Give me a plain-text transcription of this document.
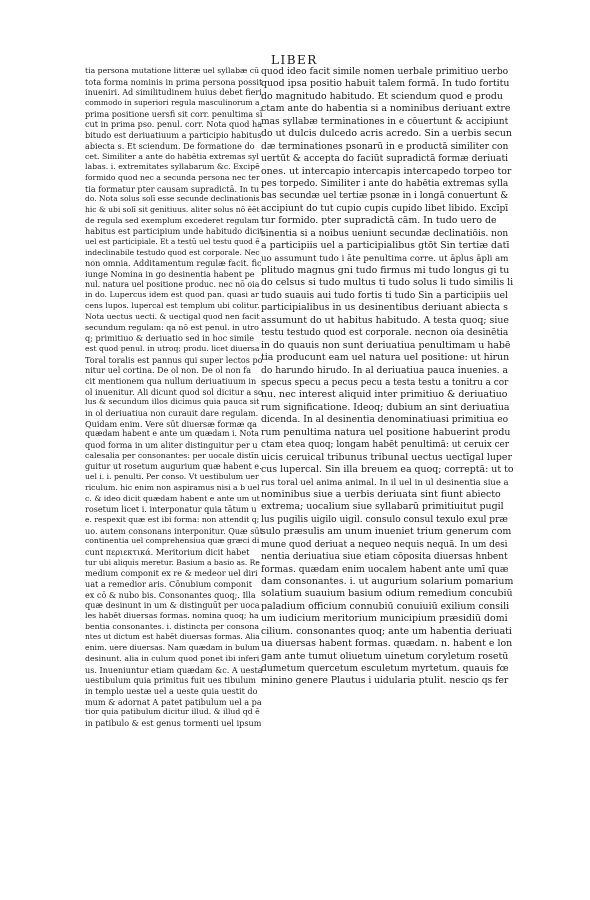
LIBER
tia persona mutatione litteræ uel syllabæ cū
tota forma nominis in prima persona possit
inueniri. Ad similitudinem huius debet fieri
commodo in superiori regula masculinorum a
prima positione uersfi sit corr. penultima sī
cut in prima pso. penul. corr. Nota quod ha
bitudo est deriuatiuum a participio habitus
abiecta s. Et sciendum. De formatione do
cet. Similiter a ante do habētia extremas syl
labas. i. extremitates syllabarum &c. Excipē
formido quod nec a secunda persona nec ter
tia formatur pter causam supradictā. In tu
do. Nota solus solī esse secunde declinationis
hic & ubi solī sit genitiuus. aliter solus nō ēēt
de regula sed exemplum excederet regulam
habitus est participium unde habitudo dicit
uel est participiale. Et a testū uel testu quod ē
indeclinabile testudo quod est corporale. Nec
non omnia. Additamentum regulæ facit. fic
iunge Nomina in go desinentia habent pe
nul. natura uel positione produc. nec nō oia
in do. Lupercus idem est quod pan. quasi ar
cens lupos. lupercal est templum ubi colitur.
Nota uectus uecti. & uectigal quod nen facit
secundum regulam: qa nō est penul. in utro
q; primitiuo & deriuatio sed in hoc simile
est quod penul. in utroq; produ. licet diuersa
Toral toralis est pannus qui super lectos po
nitur uel cortina. De ol non. De ol non fa
cit mentionem qua nullum deriuatiuum in
ol inuenitur. Ali dicunt quod sol dicitur a so
lus & secundum illos dicimus quia pauca sit
in ol deriuatiua non curauit dare regulam.
Quidam enim. Vere sūt diuersæ formæ qa
quædam habent e ante um quædam i. Nota
quod forma in um aliter distinguitur per u
calesalia per consonantes: per uocale distīn
guitur ut rosetum augurium quæ habent e.
uel i. i. penulti. Per conso. Vt uestibulum uer
riculum. hic enim non aspiramus nisi a b uel
c. & ideo dicit quædam habent e ante um ut
rosetum licet i. interponatur quia tātum u
e. respexit quæ est ibi forma: non attendit q;
uo. autem consonans interponitur. Quæ sūt
continentia uel comprehensiua quæ græci di
cunt περιεκτικά. Meritorium dicit habet
tur ubi aliquis meretur. Basium a basio as. Re
medium componit ex re & medeor uel diri
uat a remedior aris. Cōnubium componit
ex cō & nubo bis. Consonantes quoq;. Illa
quæ desinunt in um & distinguūt per uoca
les habēt diuersas formas. nomina quoq; ha
bentia consonantes. i. distincta per consona
ntes ut dictum est habēt diuersas formas. Alia
enim. uere diuersas. Nam quædam in bulum
desinunt. alia in culum quod ponet ibi inferi
us. Inueniuntur etiam quædam &c. A uesta
uestibulum quia primitus fuit ues tibulum
in templo uestæ uel a ueste quia uestit do
mum & adornat A patet patibulum uel a pa
tior quia patibulum dicitur illud. & illud qd ē
in patibulo & est genus tormenti uel ipsum
quod ideo facit simile nomen uerbale primitiuo uerbo
quod ipsa positio habuit talem formā. In tudo fortitu
do magnitudo habitudo. Et sciendum quod e produ
ctam ante do habentia si a nominibus deriuant extre
mas syllabæ terminationes in e cōuertunt & accipiunt
do ut dulcis dulcedo acris acredo. Sin a uerbis secun
dæ terminationes psonarū in e productā similiter con
uertūt & accepta do faciūt supradictā formæ deriuati
ones. ut intercapio intercapis intercapedo torpeo tor
pes torpedo. Similiter i ante do habētia extremas sylla
bas secundæ uel tertiæ psonæ in i longā conuertunt &
accipiunt do tut cupio cupis cupido libet libido. Excīpī
tur formido. pter supradictā cām. In tudo uero de
sinentia si a noibus ueniunt secundæ declinatiōis. non
a participiis uel a participialibus gtōt Sin tertiæ datī
uo assumunt tudo i āte penultima corre. ut āplus āpli am
plitudo magnus gni tudo firmus mi tudo longus gi tu
do celsus si tudo multus ti tudo solus li tudo similis li
tudo suauis aui tudo fortis ti tudo Sin a participiis uel
participialibus in us desinentibus deriuant abiecta s
assumunt do ut habitus habitudo. A testa quoq; siue
testu testudo quod est corporale. necnon oia desinētia
in do quauis non sunt deriuatiua penultimam u habē
tia producunt eam uel natura uel positione: ut hirun
do harundo hirudo. In al deriuatiua pauca inuenies. a
specus specu a pecus pecu a testa testu a tonitru a cor
nu. nec interest aliquid inter primitiuo & deriuatiuo
rum significatione. Ideoq; dubium an sint deriuatiua
dicenda. In al desinentia denominatiuasi primitiua eo
rum penultima natura uel positione habuerint produ
ctam etea quoq; longam habēt penultimā: ut ceruix cer
uicis ceruical tribunus tribunal uectus uectīgal luper
cus lupercal. Sin illa breuem ea quoq; correptā: ut to
rus toral uel anima animal. In il uel in ul desinentia siue a
nominibus siue a uerbis deriuata sint fiunt abiecto
extrema; uocalium siue syllabarū primitiuitut pugil
lus pugilis uigilo uigil. consulo consul texulo exul præ
sulo præsulis am unum inueniet trium generum com
mune quod deriuat a nequeo nequis nequā. In um desi
nentia deriuatiua siue etiam cōposita diuersas hnbent
formas. quædam enim uocalem habent ante umī quæ
dam consonantes. i. ut augurium solarium pomarium
solatium suauium basium odium remedium concubiū
paladium officium connubiū conuiuiū exilium consili
um iudicium meritorium municipium præsidiū domi
cilium. consonantes quoq; ante um habentia deriuati
ua diuersas habent formas. quædam. n. habent e lon
gam ante tumut oliuetum uinetum coryletum rosetū
dumetum quercetum esculetum myrtetum. quauis fœ
minino genere Plautus i uidularia ptulit. nescio qs fer
